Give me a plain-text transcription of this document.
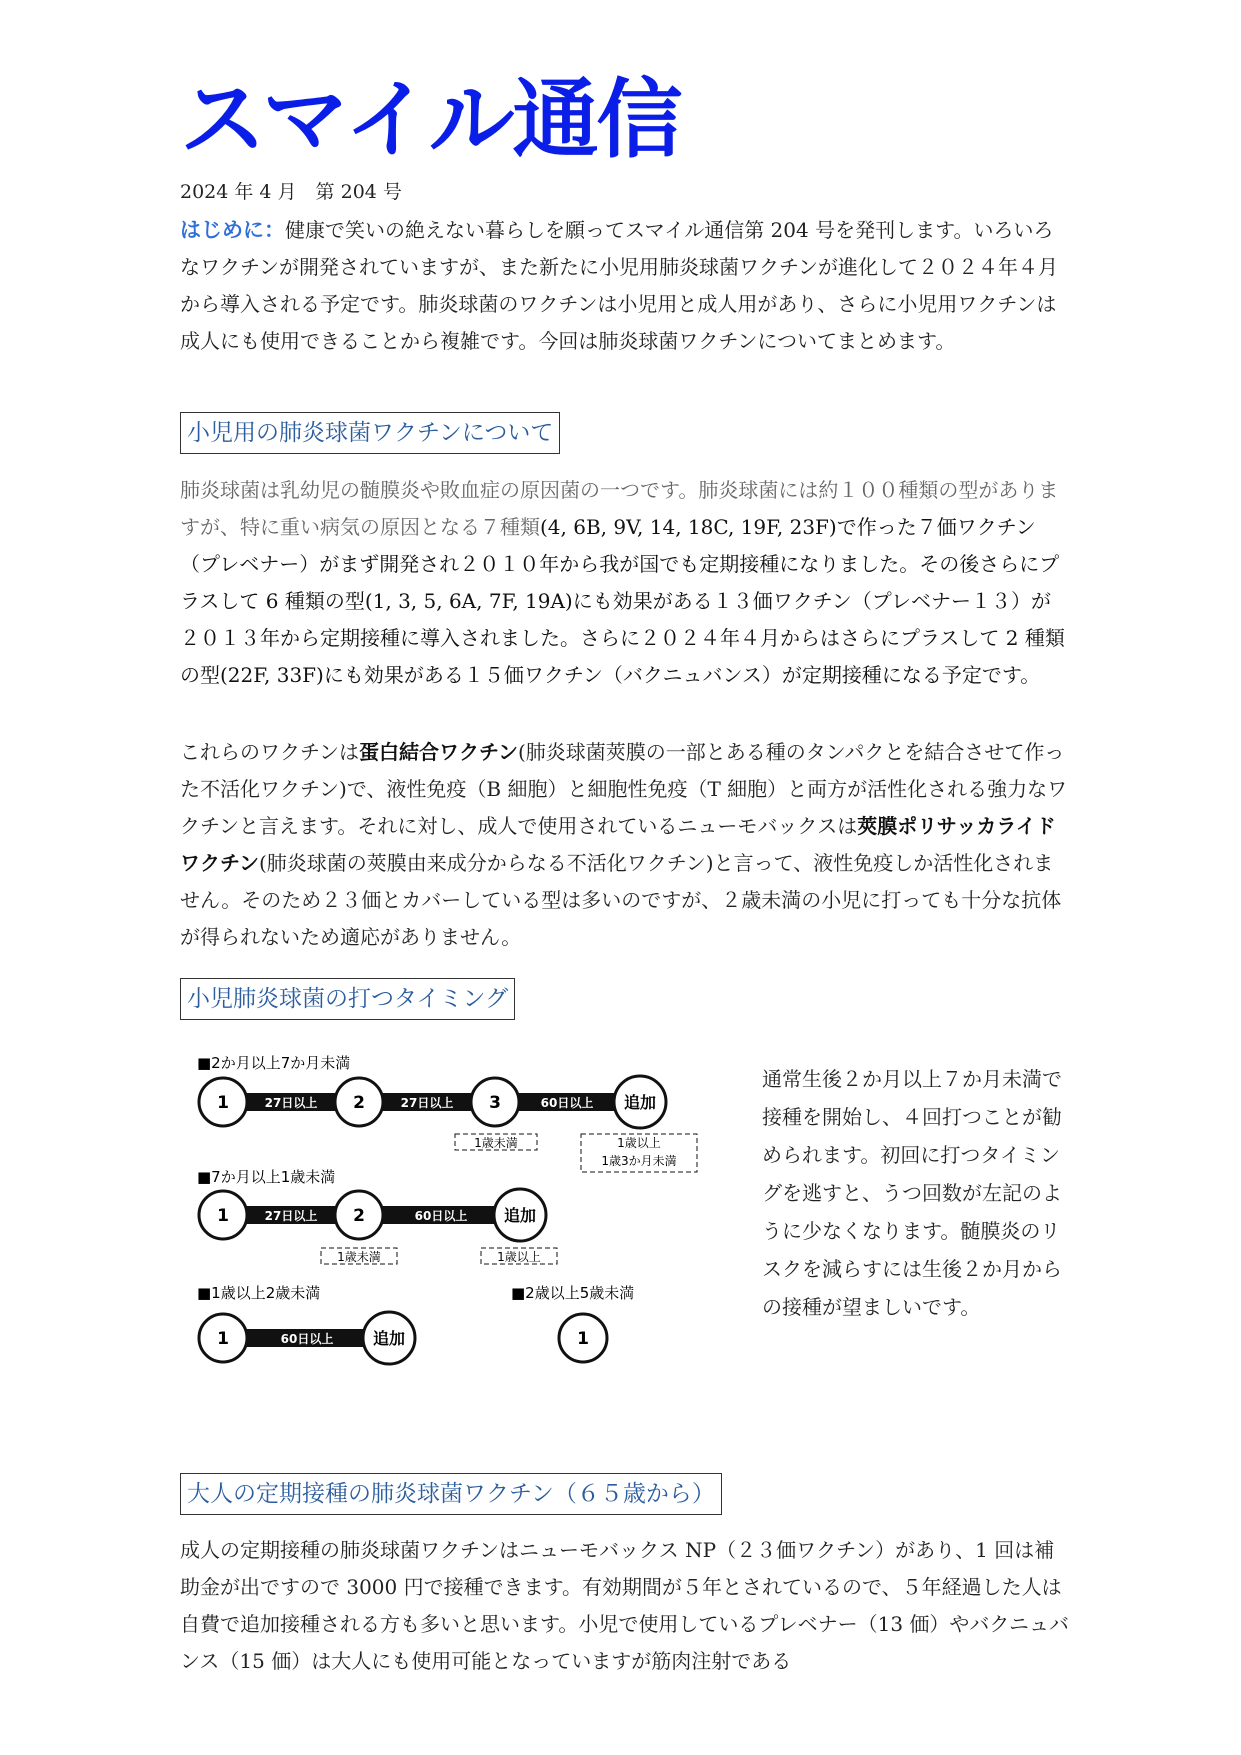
スマイル通信
2024 年 4 月　第 204 号

はじめに：健康で笑いの絶えない暮らしを願ってスマイル通信第 204 号を発刊します。いろいろなワクチンが開発されていますが、また新たに小児用肺炎球菌ワクチンが進化して２０２４年４月から導入される予定です。肺炎球菌のワクチンは小児用と成人用があり、さらに小児用ワクチンは成人にも使用できることから複雑です。今回は肺炎球菌ワクチンについてまとめます。

小児用の肺炎球菌ワクチンについて

肺炎球菌は乳幼児の髄膜炎や敗血症の原因菌の一つです。肺炎球菌には約１００種類の型がありますが、特に重い病気の原因となる７種類(4, 6B, 9V, 14, 18C, 19F, 23F)で作った７価ワクチン（プレベナー）がまず開発され２０１０年から我が国でも定期接種になりました。その後さらにプラスして 6 種類の型(1, 3, 5, 6A, 7F, 19A)にも効果がある１３価ワクチン（プレベナー１３）が２０１３年から定期接種に導入されました。さらに２０２４年４月からはさらにプラスして 2 種類の型(22F, 33F)にも効果がある１５価ワクチン（バクニュバンス）が定期接種になる予定です。

これらのワクチンは蛋白結合ワクチン(肺炎球菌莢膜の一部とある種のタンパクとを結合させて作った不活化ワクチン)で、液性免疫（B 細胞）と細胞性免疫（T 細胞）と両方が活性化される強力なワクチンと言えます。それに対し、成人で使用されているニューモバックスは莢膜ポリサッカライドワクチン(肺炎球菌の莢膜由来成分からなる不活化ワクチン)と言って、液性免疫しか活性化されません。そのため２３価とカバーしている型は多いのですが、２歳未満の小児に打っても十分な抗体が得られないため適応がありません。

小児肺炎球菌の打つタイミング
■2か月以上7か月未満
1	2	3	追加
27日以上	27日以上	60日以上
1歳未満	1歳以上
1歳3か月未満
■7か月以上1歳未満
1	2	追加
27日以上	60日以上
1歳未満	1歳以上
■1歳以上2歳未満
1	追加
60日以上
■2歳以上5歳未満
1

通常生後２か月以上７か月未満で接種を開始し、４回打つことが勧められます。初回に打つタイミングを逃すと、うつ回数が左記のように少なくなります。髄膜炎のリスクを減らすには生後２か月からの接種が望ましいです。

大人の定期接種の肺炎球菌ワクチン（６５歳から）

成人の定期接種の肺炎球菌ワクチンはニューモバックス NP（２３価ワクチン）があり、1 回は補助金が出ですので 3000 円で接種できます。有効期間が５年とされているので、５年経過した人は自費で追加接種される方も多いと思います。小児で使用しているプレベナー（13 価）やバクニュバンス（15 価）は大人にも使用可能となっていますが筋肉注射である
